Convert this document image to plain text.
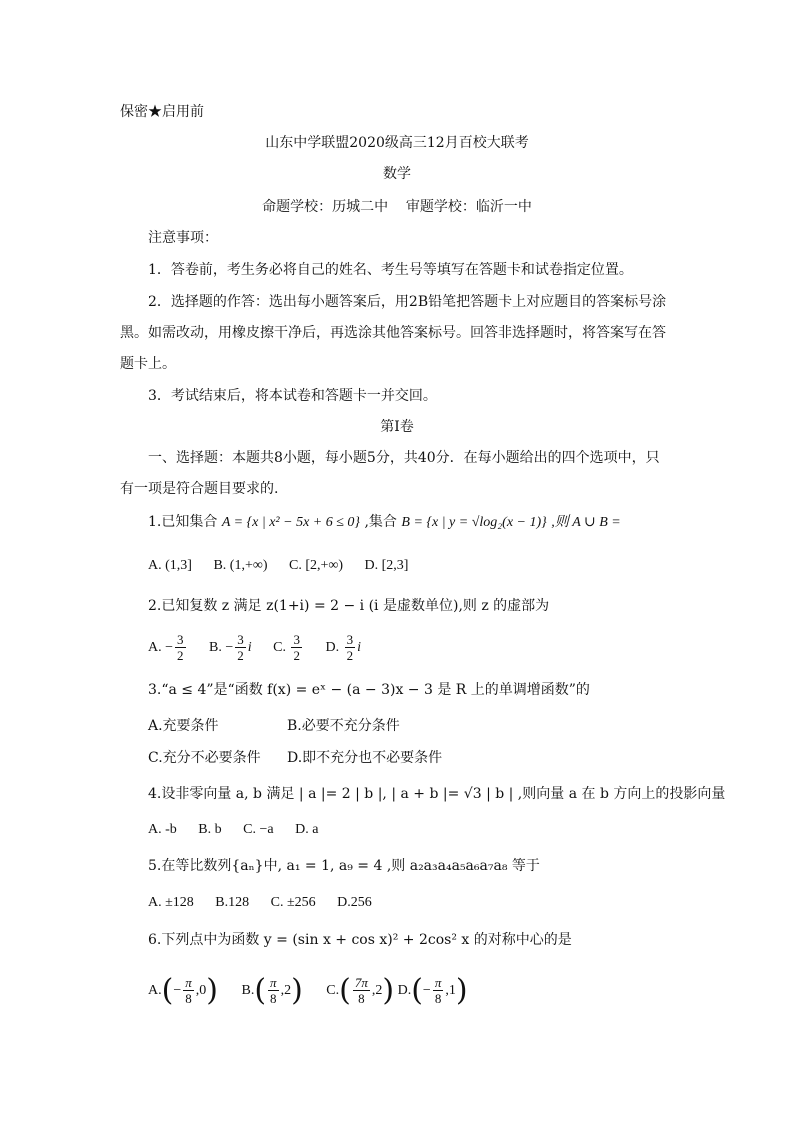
保密★启用前
山东中学联盟2020级高三12月百校大联考
数学
命题学校：历城二中    审题学校：临沂一中
注意事项：
1．答卷前，考生务必将自己的姓名、考生号等填写在答题卡和试卷指定位置。
2．选择题的作答：选出每小题答案后，用2B铅笔把答题卡上对应题目的答案标号涂
黑。如需改动，用橡皮擦干净后，再选涂其他答案标号。回答非选择题时，将答案写在答
题卡上。
3．考试结束后，将本试卷和答题卡一并交回。
第I卷
一、选择题：本题共8小题，每小题5分，共40分．在每小题给出的四个选项中，只
有一项是符合题目要求的.
1.已知集合 A = {x | x² − 5x + 6 ≤ 0} ,集合 B = {x | y = √log₂(x − 1)} ,则 A ∪ B =
A. (1,3] B. (1,+∞) C. [2,+∞) D. [2,3]
2.已知复数 z 满足 z(1+i) = 2 − i (i 是虚数单位),则 z 的虚部为
A. − $\frac{3}{2} B$. − $\frac{3}{2}$ i C. $\frac{3}{2} D$. $\frac{3}{2}$ i
3.“a ≤ 4”是“函数 f(x) = eˣ − (a − 3)x − 3 是 R 上的单调增函数”的
A.充要条件	B.必要不充分条件
C.充分不必要条件 D.即不充分也不必要条件
4.设非零向量 a, b 满足 | a |= 2 | b |, | a + b |= √3 | b | ,则向量 a 在 b 方向上的投影向量
A. -b B. b C. −a D. a
5.在等比数列{aₙ}中, a₁ = 1, a₉ = 4 ,则 a₂a₃a₄a₅a₆a₇a₈ 等于
A. ±128 B.128 C. ±256 D.256
6.下列点中为函数 y = (sin x + cos x)² + 2cos² x 的对称中心的是
$A.(- \frac{\pi}{8} ,0)$ $B.( \frac{\pi}{8} ,2)$ $C.( \frac{7\pi}{8} ,2)$ $D.(- \frac{\pi}{8} ,1)$
